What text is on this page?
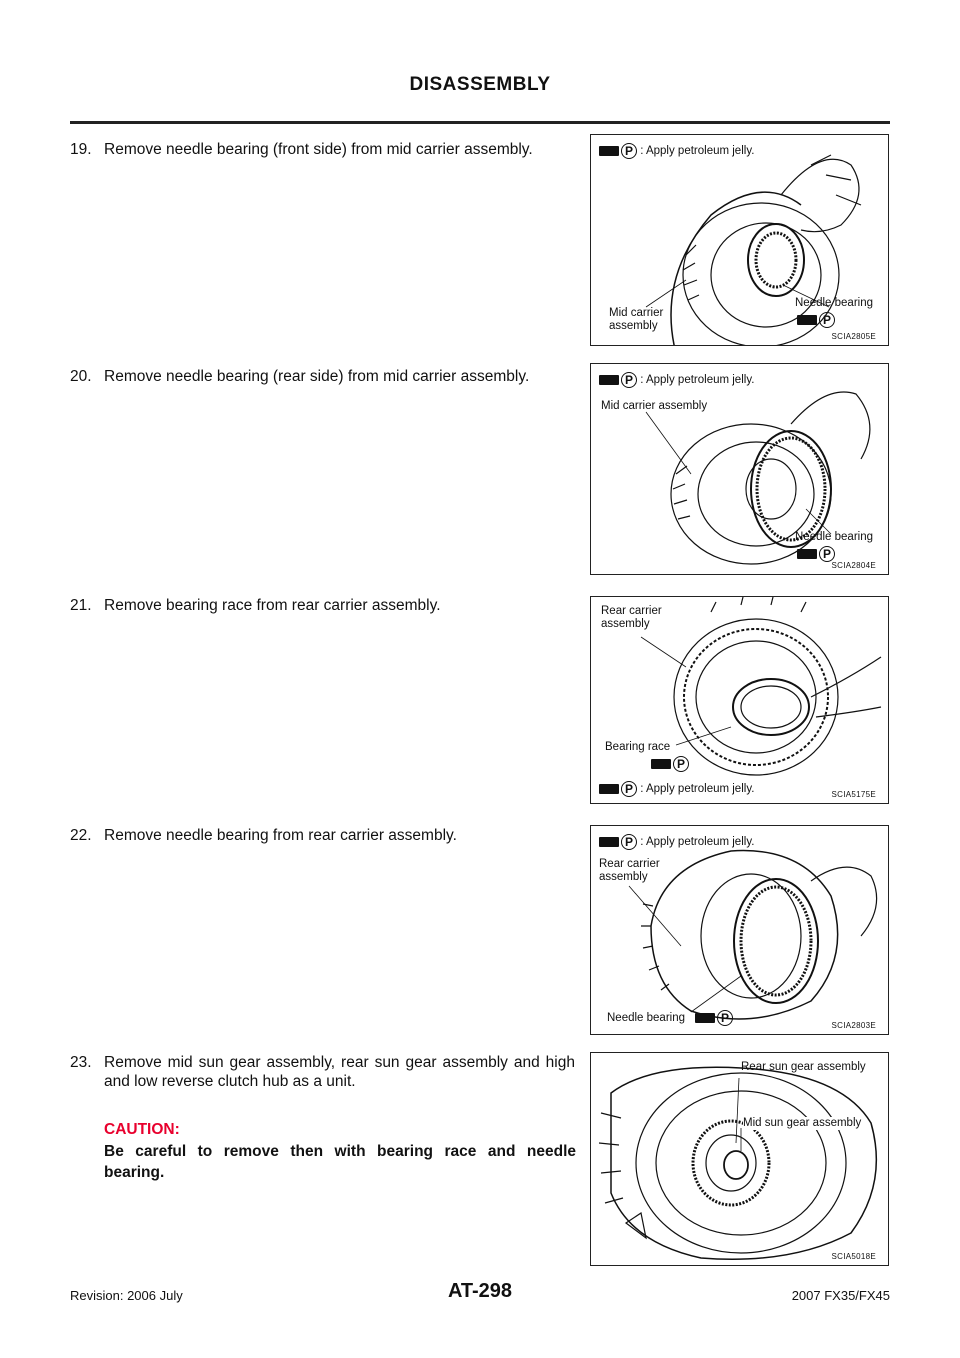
DISASSEMBLY
19. Remove needle bearing (front side) from mid carrier assembly.
20. Remove needle bearing (rear side) from mid carrier assembly.
21. Remove bearing race from rear carrier assembly.
22. Remove needle bearing from rear carrier assembly.
23. Remove mid sun gear assembly, rear sun gear assembly and high and low reverse clutch hub as a unit.
CAUTION:
Be careful to remove then with bearing race and needle bearing.
P : Apply petroleum jelly.
Mid carrier assembly
Needle bearing
P
SCIA2805E
P : Apply petroleum jelly.
Mid carrier assembly
Needle bearing
P
SCIA2804E
Rear carrier assembly
Bearing race
P
P : Apply petroleum jelly.	SCIA5175E
P : Apply petroleum jelly.
Rear carrier assembly
Needle bearing	P
SCIA2803E
Rear sun gear assembly
Mid sun gear assembly
SCIA5018E
Revision: 2006 July	AT-298	2007 FX35/FX45
